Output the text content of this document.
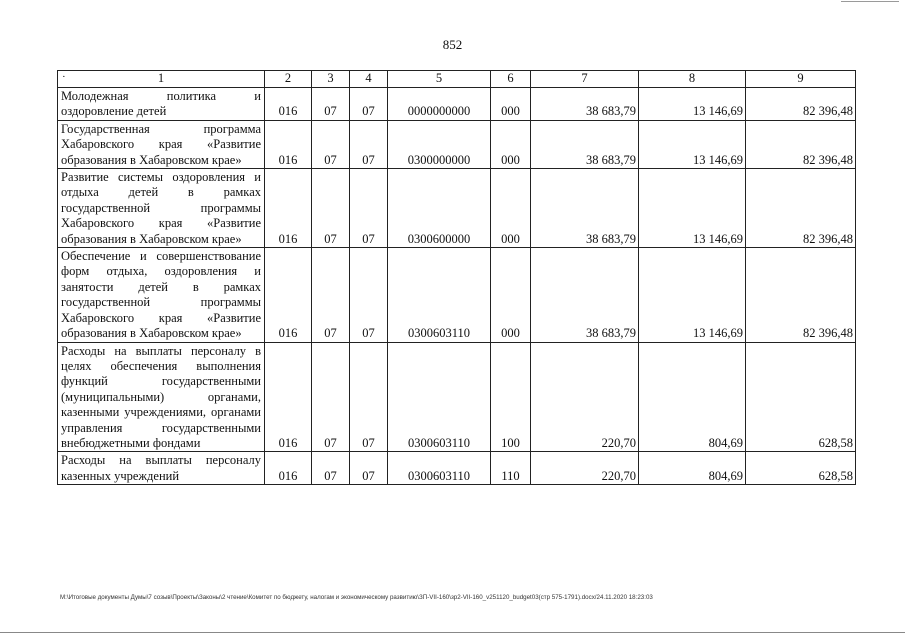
852
· 1	2	3	4	5	6	7	8	9
Молодежная политика и оздоровление детей	016	07	07	0000000000	000	38 683,79	13 146,69	82 396,48
Государственная программа Хабаровского края «Развитие образования в Хабаровском крае»	016	07	07	0300000000	000	38 683,79	13 146,69	82 396,48
Развитие системы оздоровления и отдыха детей в рамках государственной программы Хабаровского края «Развитие образования в Хабаровском крае»	016	07	07	0300600000	000	38 683,79	13 146,69	82 396,48
Обеспечение и совершенствование форм отдыха, оздоровления и занятости детей в рамках государственной программы Хабаровского края «Развитие образования в Хабаровском крае»	016	07	07	0300603110	000	38 683,79	13 146,69	82 396,48
Расходы на выплаты персоналу в целях обеспечения выполнения функций государственными (муниципальными) органами, казенными учреждениями, органами управления государственными внебюджетными фондами	016	07	07	0300603110	100	220,70	804,69	628,58
Расходы на выплаты персоналу казенных учреждений	016	07	07	0300603110	110	220,70	804,69	628,58
M:\Итоговые документы Думы\7 созыв\Проекты\Законы\2 чтение\Комитет по бюджету, налогам и экономическому развитию\ЗП-VII-160\зр2-VII-160_v251120_budget03(стр 575-1791).docx/24.11.2020 18:23:03
